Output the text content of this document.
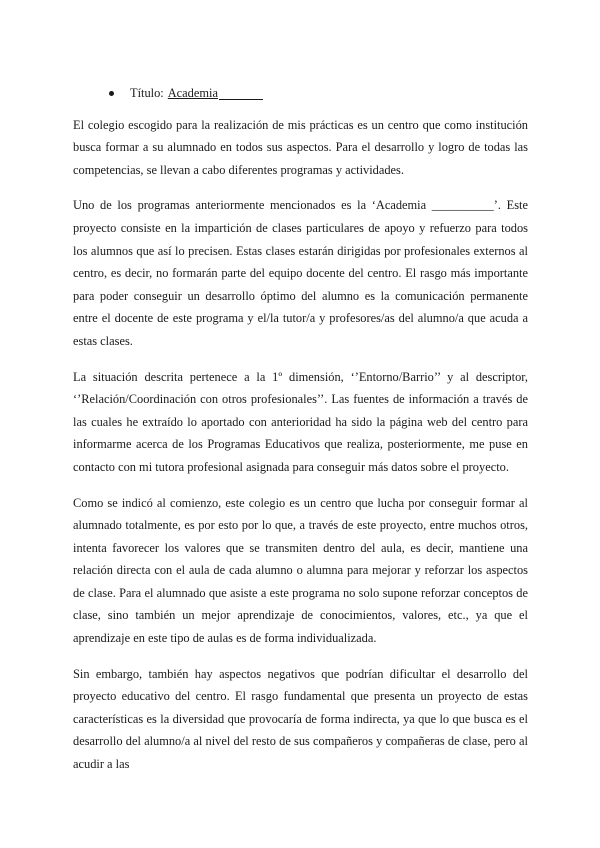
Título: Academia

El colegio escogido para la realización de mis prácticas es un centro que como institución busca formar a su alumnado en todos sus aspectos. Para el desarrollo y logro de todas las competencias, se llevan a cabo diferentes programas y actividades.

Uno de los programas anteriormente mencionados es la ‘Academia __________’. Este proyecto consiste en la impartición de clases particulares de apoyo y refuerzo para todos los alumnos que así lo precisen. Estas clases estarán dirigidas por profesionales externos al centro, es decir, no formarán parte del equipo docente del centro. El rasgo más importante para poder conseguir un desarrollo óptimo del alumno es la comunicación permanente entre el docente de este programa y el/la tutor/a y profesores/as del alumno/a que acuda a estas clases.

La situación descrita pertenece a la 1º dimensión, ‘’Entorno/Barrio’’ y al descriptor, ‘’Relación/Coordinación con otros profesionales’’. Las fuentes de información a través de las cuales he extraído lo aportado con anterioridad ha sido la página web del centro para informarme acerca de los Programas Educativos que realiza, posteriormente, me puse en contacto con mi tutora profesional asignada para conseguir más datos sobre el proyecto.

Como se indicó al comienzo, este colegio es un centro que lucha por conseguir formar al alumnado totalmente, es por esto por lo que, a través de este proyecto, entre muchos otros, intenta favorecer los valores que se transmiten dentro del aula, es decir, mantiene una relación directa con el aula de cada alumno o alumna para mejorar y reforzar los aspectos de clase. Para el alumnado que asiste a este programa no solo supone reforzar conceptos de clase, sino también un mejor aprendizaje de conocimientos, valores, etc., ya que el aprendizaje en este tipo de aulas es de forma individualizada.

Sin embargo, también hay aspectos negativos que podrían dificultar el desarrollo del proyecto educativo del centro. El rasgo fundamental que presenta un proyecto de estas características es la diversidad que provocaría de forma indirecta, ya que lo que busca es el desarrollo del alumno/a al nivel del resto de sus compañeros y compañeras de clase, pero al acudir a las
